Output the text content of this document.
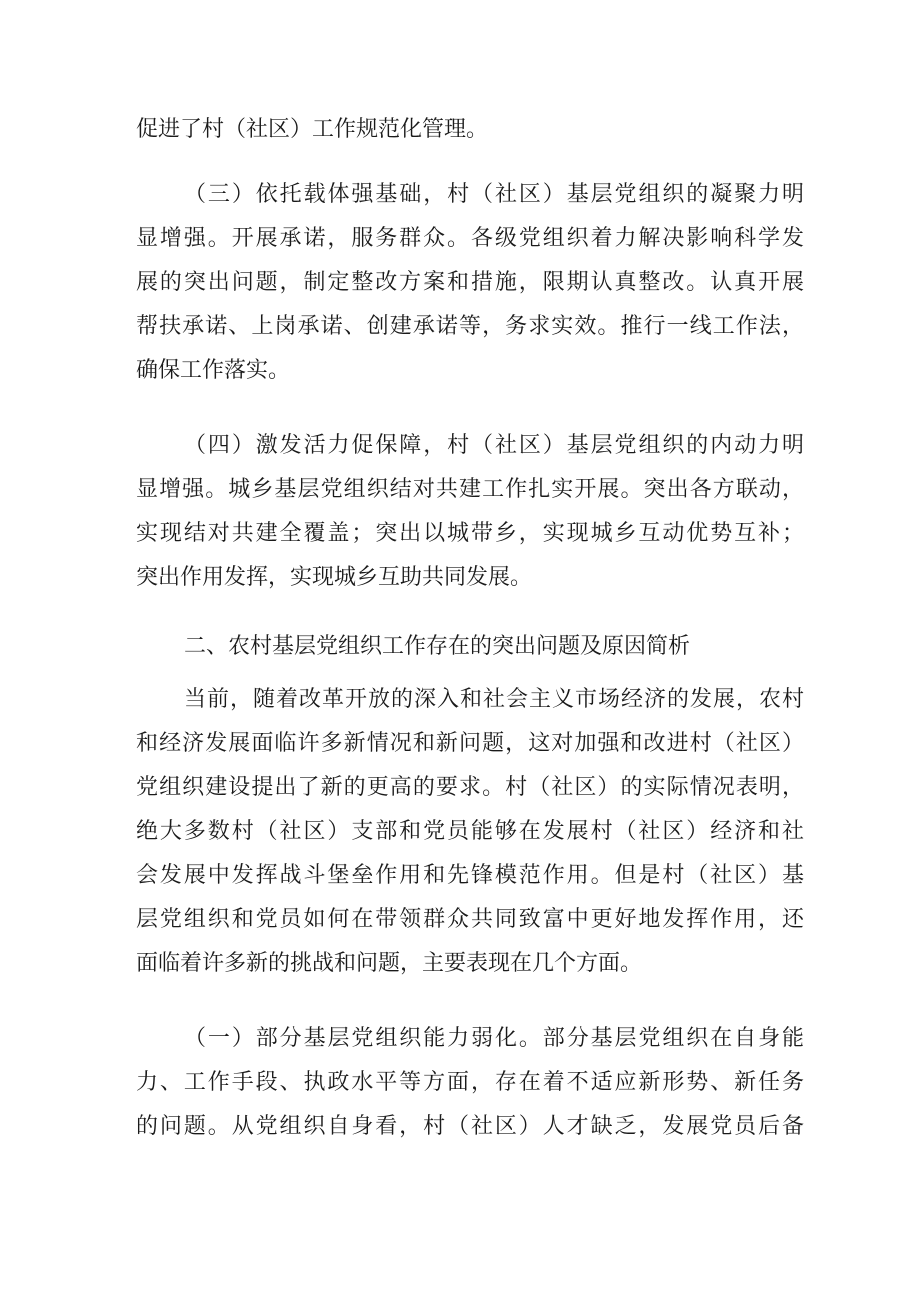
促进了村（社区）工作规范化管理。
（三）依托载体强基础，村（社区）基层党组织的凝聚力明
显增强。开展承诺，服务群众。各级党组织着力解决影响科学发
展的突出问题，制定整改方案和措施，限期认真整改。认真开展
帮扶承诺、上岗承诺、创建承诺等，务求实效。推行一线工作法，
确保工作落实。
（四）激发活力促保障，村（社区）基层党组织的内动力明
显增强。城乡基层党组织结对共建工作扎实开展。突出各方联动，
实现结对共建全覆盖；突出以城带乡，实现城乡互动优势互补；
突出作用发挥，实现城乡互助共同发展。
二、农村基层党组织工作存在的突出问题及原因简析
当前，随着改革开放的深入和社会主义市场经济的发展，农村
和经济发展面临许多新情况和新问题，这对加强和改进村（社区）
党组织建设提出了新的更高的要求。村（社区）的实际情况表明，
绝大多数村（社区）支部和党员能够在发展村（社区）经济和社
会发展中发挥战斗堡垒作用和先锋模范作用。但是村（社区）基
层党组织和党员如何在带领群众共同致富中更好地发挥作用，还
面临着许多新的挑战和问题，主要表现在几个方面。
（一）部分基层党组织能力弱化。部分基层党组织在自身能
力、工作手段、执政水平等方面，存在着不适应新形势、新任务
的问题。从党组织自身看，村（社区）人才缺乏，发展党员后备
